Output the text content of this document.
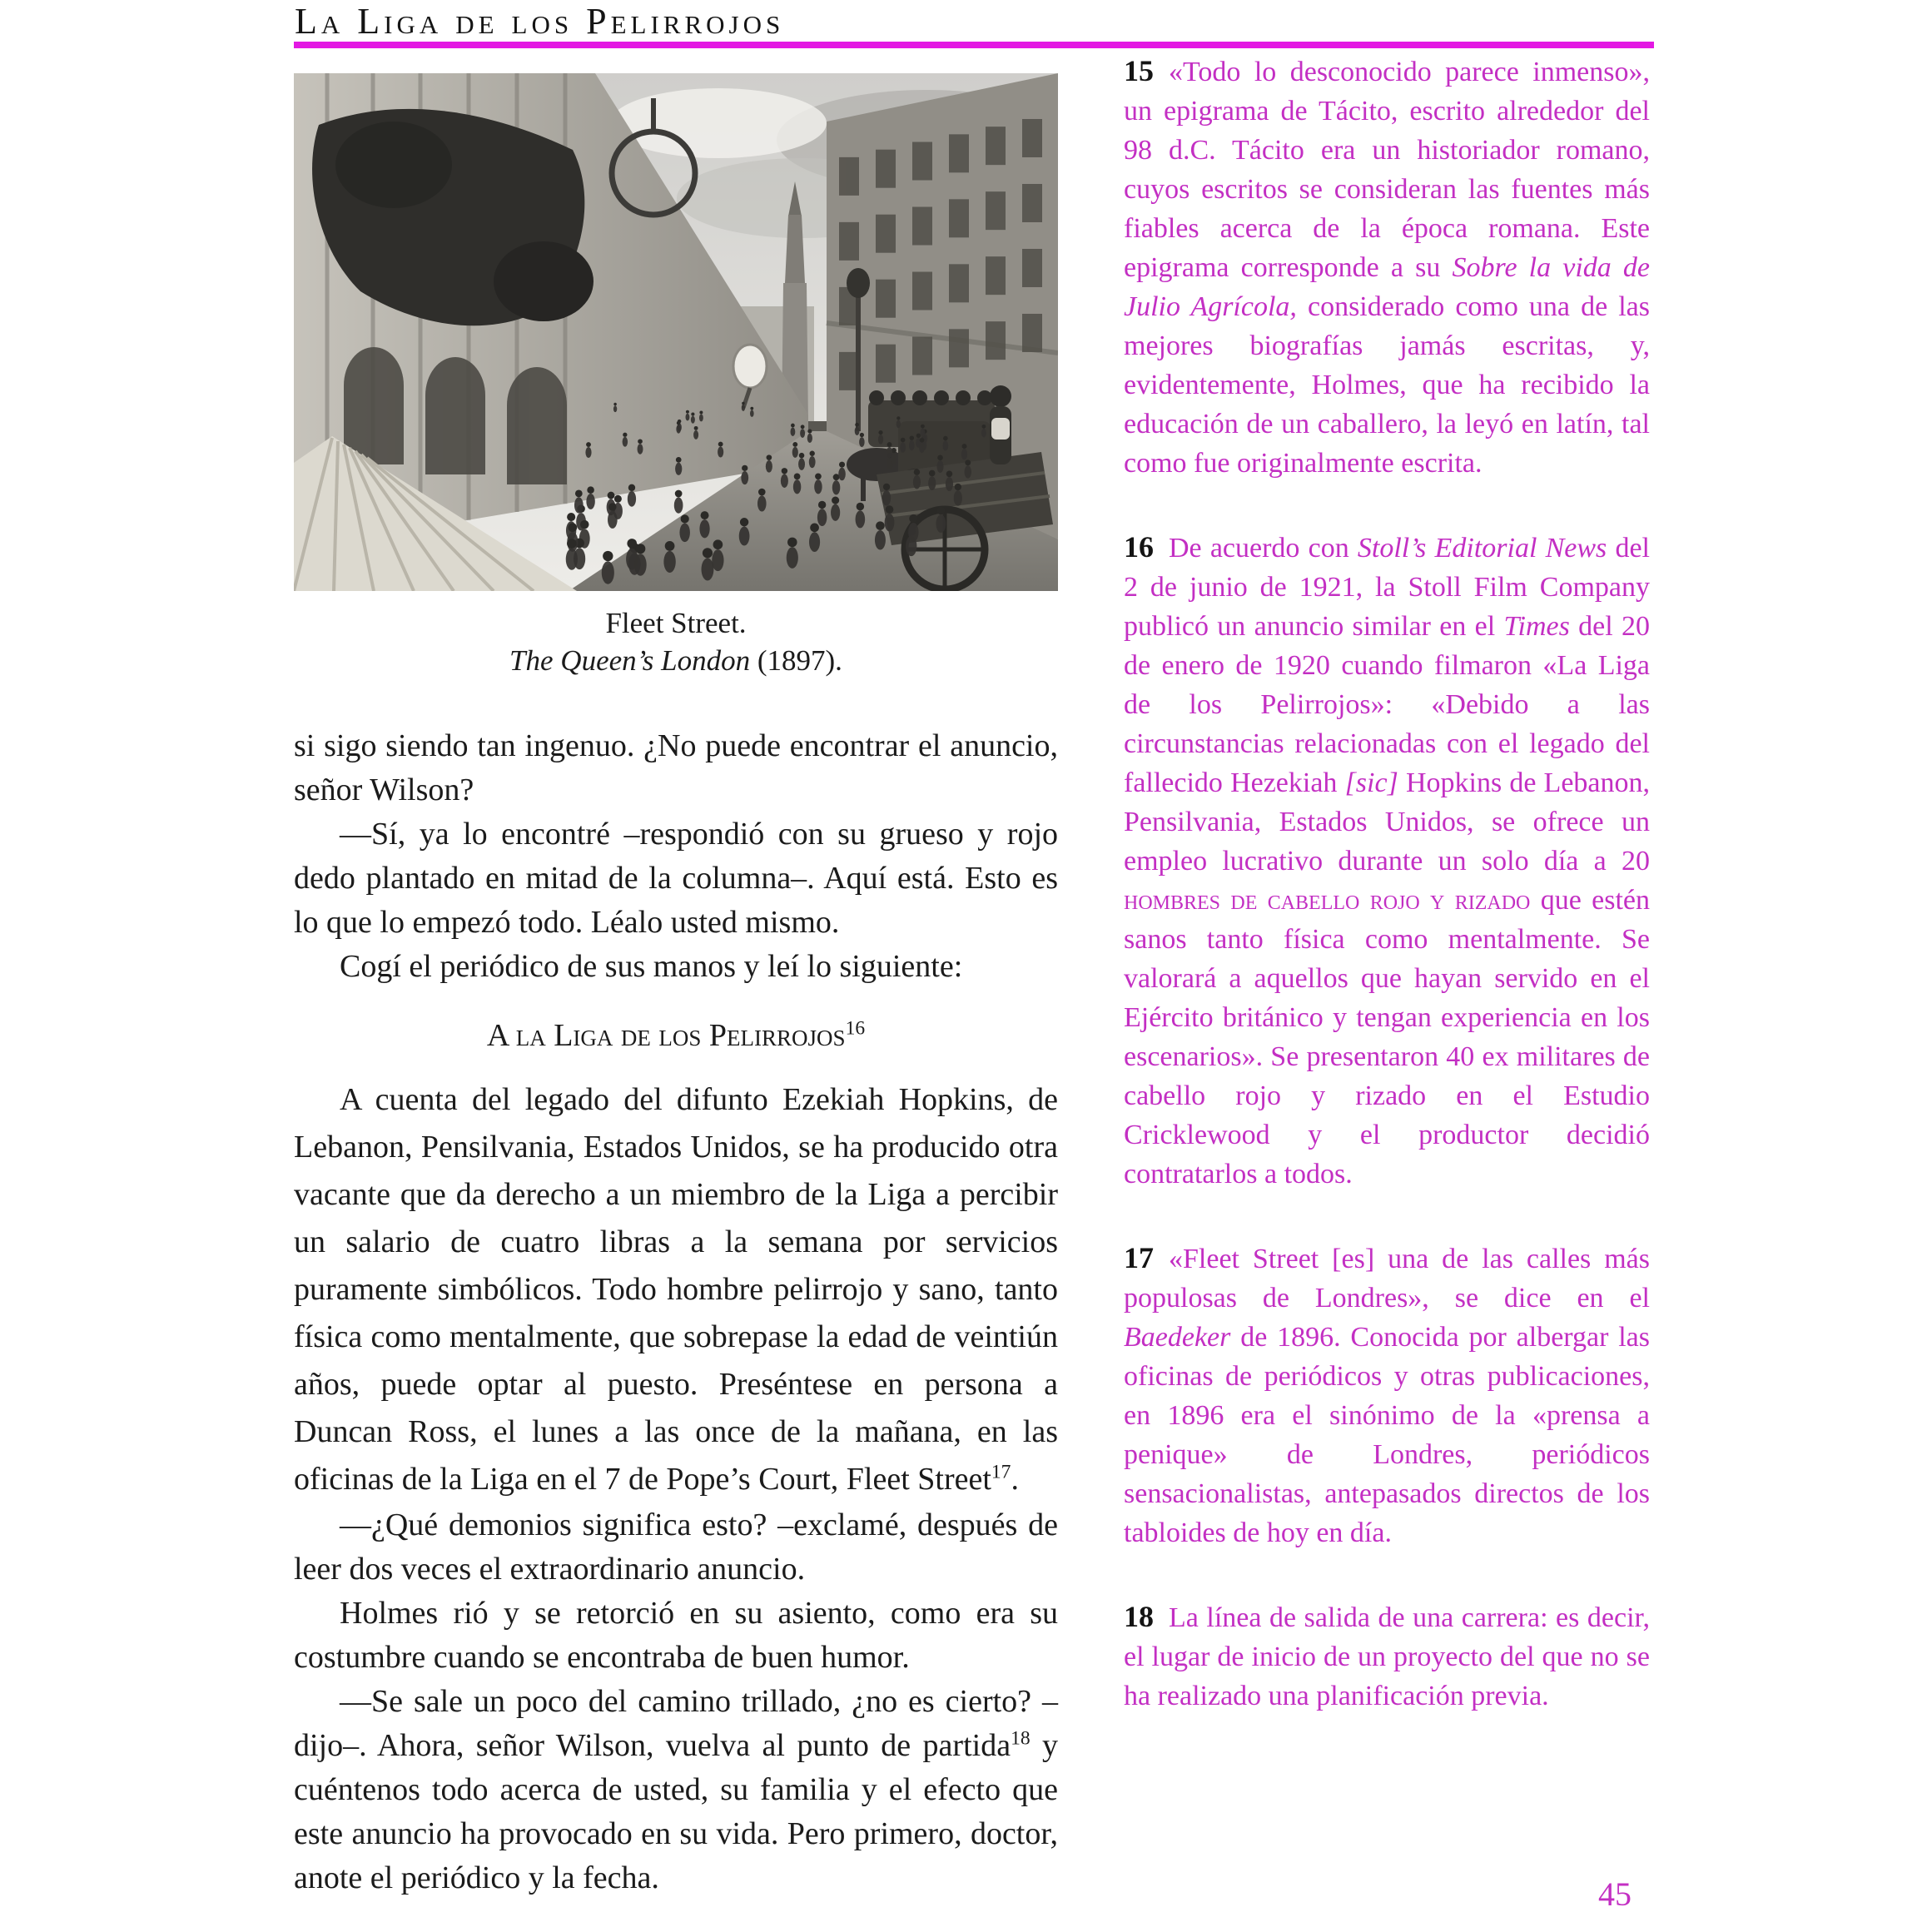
La Liga de los Pelirrojos
Fleet Street.
The Queen’s London (1897).
si sigo siendo tan ingenuo. ¿No puede encontrar el anuncio, señor Wilson?
—Sí, ya lo encontré –respondió con su grueso y rojo dedo plantado en mitad de la columna–. Aquí está. Esto es lo que lo empezó todo. Léalo usted mismo.
Cogí el periódico de sus manos y leí lo siguiente:
A la Liga de los Pelirrojos$^{16}$
A cuenta del legado del difunto Ezekiah Hopkins, de Lebanon, Pensilvania, Estados Unidos, se ha producido otra vacante que da derecho a un miembro de la Liga a percibir un salario de cuatro libras a la semana por servicios puramente simbólicos. Todo hombre pelirrojo y sano, tanto física como mentalmente, que sobrepase la edad de veintiún años, puede optar al puesto. Preséntese en persona a Duncan Ross, el lunes a las once de la mañana, en las oficinas de la Liga en el 7 de Pope’s Court, Fleet Street$^{17}$.
—¿Qué demonios significa esto? –exclamé, después de leer dos veces el extraordinario anuncio.
Holmes rió y se retorció en su asiento, como era su costumbre cuando se encontraba de buen humor.
—Se sale un poco del camino trillado, ¿no es cierto? –dijo–. Ahora, señor Wilson, vuelva al punto de partida$^{18}$ y cuéntenos todo acerca de usted, su familia y el efecto que este anuncio ha provocado en su vida. Pero primero, doctor, anote el periódico y la fecha.
15 «Todo lo desconocido parece inmenso», un epigrama de Tácito, escrito alrededor del 98 d.C. Tácito era un historiador romano, cuyos escritos se consideran las fuentes más fiables acerca de la época romana. Este epigrama corresponde a su Sobre la vida de Julio Agrícola, considerado como una de las mejores biografías jamás escritas, y, evidentemente, Holmes, que ha recibido la educación de un caballero, la leyó en latín, tal como fue originalmente escrita.
16 De acuerdo con Stoll’s Editorial News del 2 de junio de 1921, la Stoll Film Company publicó un anuncio similar en el Times del 20 de enero de 1920 cuando filmaron «La Liga de los Pelirrojos»: «Debido a las circunstancias relacionadas con el legado del fallecido Hezekiah [sic] Hopkins de Lebanon, Pensilvania, Estados Unidos, se ofrece un empleo lucrativo durante un solo día a 20 hombres de cabello rojo y rizado que estén sanos tanto física como mentalmente. Se valorará a aquellos que hayan servido en el Ejército británico y tengan experiencia en los escenarios». Se presentaron 40 ex militares de cabello rojo y rizado en el Estudio Cricklewood y el productor decidió contratarlos a todos.
17 «Fleet Street [es] una de las calles más populosas de Londres», se dice en el Baedeker de 1896. Conocida por albergar las oficinas de periódicos y otras publicaciones, en 1896 era el sinónimo de la «prensa a penique» de Londres, periódicos sensacionalistas, antepasados directos de los tabloides de hoy en día.
18 La línea de salida de una carrera: es decir, el lugar de inicio de un proyecto del que no se ha realizado una planificación previa.
45
